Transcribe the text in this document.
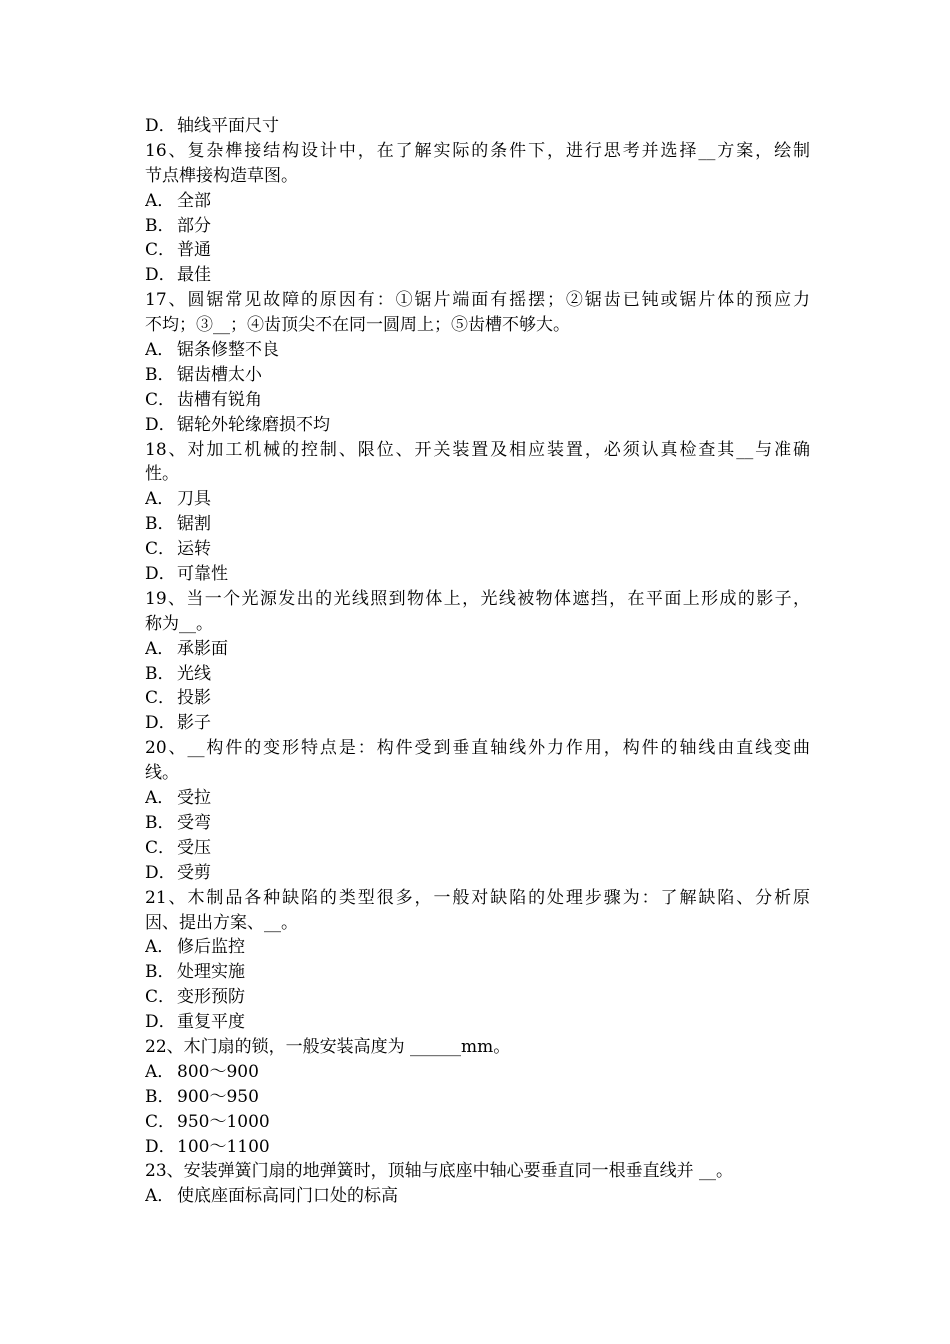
D．轴线平面尺寸
16、复杂榫接结构设计中，在了解实际的条件下，进行思考并选择__方案，绘制
节点榫接构造草图。
A． 全部
B． 部分
C． 普通
D．最佳
17、圆锯常见故障的原因有：①锯片端面有摇摆；②锯齿已钝或锯片体的预应力
不均；③__；④齿顶尖不在同一圆周上；⑤齿槽不够大。
A． 锯条修整不良
B． 锯齿槽太小
C． 齿槽有锐角
D．锯轮外轮缘磨损不均
18、对加工机械的控制、限位、开关装置及相应装置，必须认真检查其__与准确
性。
A． 刀具
B． 锯割
C． 运转
D．可靠性
19、当一个光源发出的光线照到物体上，光线被物体遮挡，在平面上形成的影子，
称为__。
A． 承影面
B． 光线
C． 投影
D．影子
20、__构件的变形特点是：构件受到垂直轴线外力作用，构件的轴线由直线变曲
线。
A． 受拉
B． 受弯
C． 受压
D．受剪
21、木制品各种缺陷的类型很多，一般对缺陷的处理步骤为：了解缺陷、分析原
因、提出方案、__。
A． 修后监控
B． 处理实施
C． 变形预防
D．重复平度
22、木门扇的锁，一般安装高度为 ______mm。
A． 800～900
B． 900～950
C． 950～1000
D．100～1100
23、安装弹簧门扇的地弹簧时，顶轴与底座中轴心要垂直同一根垂直线并 __。
A． 使底座面标高同门口处的标高
